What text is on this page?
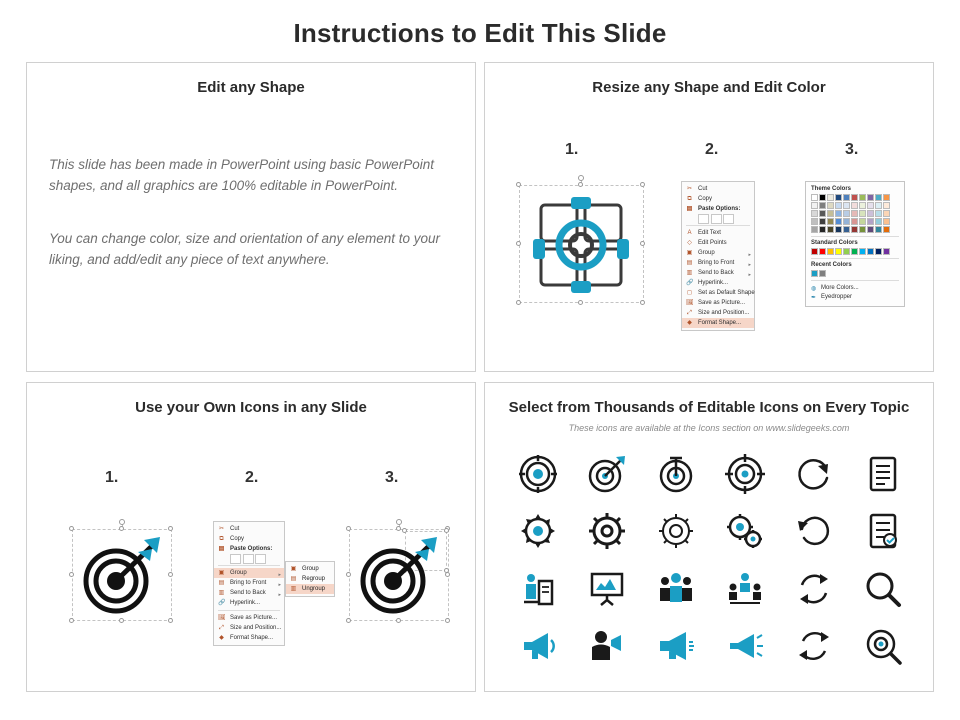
Instructions to Edit This Slide
Edit any Shape
This slide has been made in PowerPoint using basic PowerPoint shapes, and all graphics are 100% editable in PowerPoint.
You can change color, size and orientation of any element to your liking, and add/edit any piece of text anywhere.
Resize any Shape and Edit Color
1.	2.	3.
✂ Cut
⧉ Copy
▤ Paste Options:

A Edit Text
◇ Edit Points
▣ Group	▸
▤ Bring to Front	▸
▥ Send to Back	▸
🔗 Hyperlink...
◻ Set as Default Shape
🖼 Save as Picture...
⤢ Size and Position...
◆ Format Shape...
Theme Colors
Standard Colors
Recent Colors
◍ More Colors...
✒ Eyedropper
Use your Own Icons in any Slide
1.	2.	3.
✂ Cut
⧉ Copy
▤ Paste Options:

▣ Group	▸
▤ Bring to Front ▸
▥ Send to Back	▸
🔗 Hyperlink...
🖼 Save as Picture...
⤢ Size and Position...
◆ Format Shape...
▣ Group
▤ Regroup
▥ Ungroup
Select from Thousands of Editable Icons on Every Topic
These icons are available at the Icons section on www.slidegeeks.com
